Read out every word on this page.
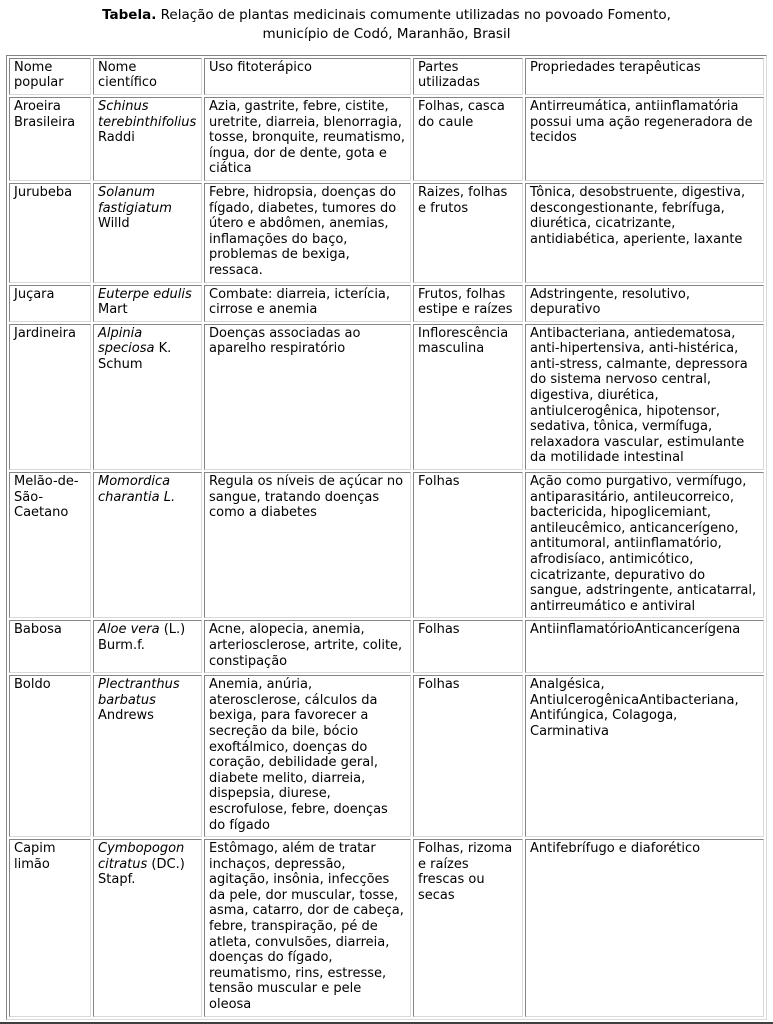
Tabela. Relação de plantas medicinais comumente utilizadas no povoado Fomento,
município de Codó, Maranhão, Brasil
Nome popular	Nome científico	Uso fitoterápico	Partes utilizadas	Propriedades terapêuticas
Aroeira Brasileira	Schinus terebinthifolius Raddi	Azia, gastrite, febre, cistite, uretrite, diarreia, blenorragia, tosse, bronquite, reumatismo, íngua, dor de dente, gota e ciática	Folhas, casca do caule	Antirreumática, antiinflamatória possui uma ação regeneradora de tecidos
Jurubeba	Solanum fastigiatum Willd	Febre, hidropsia, doenças do fígado, diabetes, tumores do útero e abdômen, anemias, inflamações do baço, problemas de bexiga, ressaca.	Raizes, folhas e frutos	Tônica, desobstruente, digestiva, descongestionante, febrífuga, diurética, cicatrizante, antidiabética, aperiente, laxante
Juçara	Euterpe edulis Mart	Combate: diarreia, icterícia, cirrose e anemia	Frutos, folhas estipe e raízes	Adstringente, resolutivo, depurativo
Jardineira	Alpinia speciosa K. Schum	Doenças associadas ao aparelho respiratório	Inflorescência masculina	Antibacteriana, antiedematosa, anti-hipertensiva, anti-histérica, anti-stress, calmante, depressora do sistema nervoso central, digestiva, diurética, antiulcerogênica, hipotensor, sedativa, tônica, vermífuga, relaxadora vascular, estimulante da motilidade intestinal
Melão-de-São-Caetano	Momordica charantia L.	Regula os níveis de açúcar no sangue, tratando doenças como a diabetes	Folhas	Ação como purgativo, vermífugo, antiparasitário, antileucorreico, bactericida, hipoglicemiant, antileucêmico, anticancerígeno, antitumoral, antiinflamatório, afrodisíaco, antimicótico, cicatrizante, depurativo do sangue, adstringente, anticatarral, antirreumático e antiviral
Babosa	Aloe vera (L.) Burm.f.	Acne, alopecia, anemia, arteriosclerose, artrite, colite, constipação	Folhas	AntiinflamatórioAnticancerígena
Boldo	Plectranthus barbatus Andrews	Anemia, anúria, aterosclerose, cálculos da bexiga, para favorecer a secreção da bile, bócio exoftálmico, doenças do coração, debilidade geral, diabete melito, diarreia, dispepsia, diurese, escrofulose, febre, doenças do fígado	Folhas	Analgésica, AntiulcerogênicaAntibacteriana, Antifúngica, Colagoga, Carminativa
Capim limão	Cymbopogon citratus (DC.) Stapf.	Estômago, além de tratar inchaços, depressão, agitação, insônia, infecções da pele, dor muscular, tosse, asma, catarro, dor de cabeça, febre, transpiração, pé de atleta, convulsões, diarreia, doenças do fígado, reumatismo, rins, estresse, tensão muscular e pele oleosa	Folhas, rizoma e raízes frescas ou secas	Antifebrífugo e diaforético
